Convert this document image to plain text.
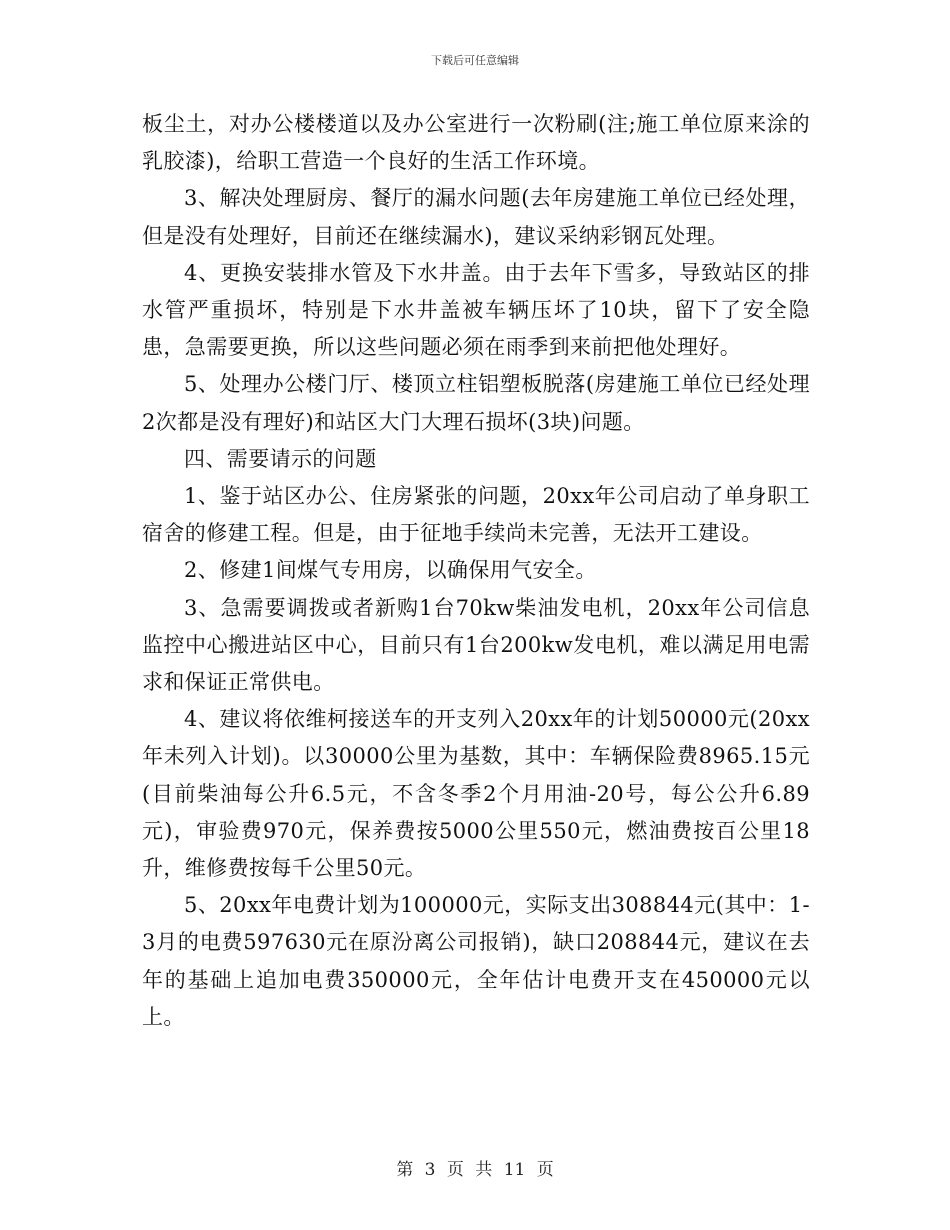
下载后可任意编辑

板尘土，对办公楼楼道以及办公室进行一次粉刷(注;施工单位原来涂的乳胶漆)，给职工营造一个良好的生活工作环境。

3、解决处理厨房、餐厅的漏水问题(去年房建施工单位已经处理，但是没有处理好，目前还在继续漏水)，建议采纳彩钢瓦处理。

4、更换安装排水管及下水井盖。由于去年下雪多，导致站区的排水管严重损坏，特别是下水井盖被车辆压坏了10块，留下了安全隐患，急需要更换，所以这些问题必须在雨季到来前把他处理好。

5、处理办公楼门厅、楼顶立柱铝塑板脱落(房建施工单位已经处理2次都是没有理好)和站区大门大理石损坏(3块)问题。

四、需要请示的问题

1、鉴于站区办公、住房紧张的问题，20xx年公司启动了单身职工宿舍的修建工程。但是，由于征地手续尚未完善，无法开工建设。

2、修建1间煤气专用房，以确保用气安全。

3、急需要调拨或者新购1台70kw柴油发电机，20xx年公司信息监控中心搬进站区中心，目前只有1台200kw发电机，难以满足用电需求和保证正常供电。

4、建议将依维柯接送车的开支列入20xx年的计划50000元(20xx年未列入计划)。以30000公里为基数，其中：车辆保险费8965.15元(目前柴油每公升6.5元，不含冬季2个月用油-20号，每公公升6.89元)，审验费970元，保养费按5000公里550元，燃油费按百公里18升，维修费按每千公里50元。

5、20xx年电费计划为100000元，实际支出308844元(其中：1-3月的电费597630元在原汾离公司报销)，缺口208844元，建议在去年的基础上追加电费350000元，全年估计电费开支在450000元以上。

第 3 页 共 11 页
